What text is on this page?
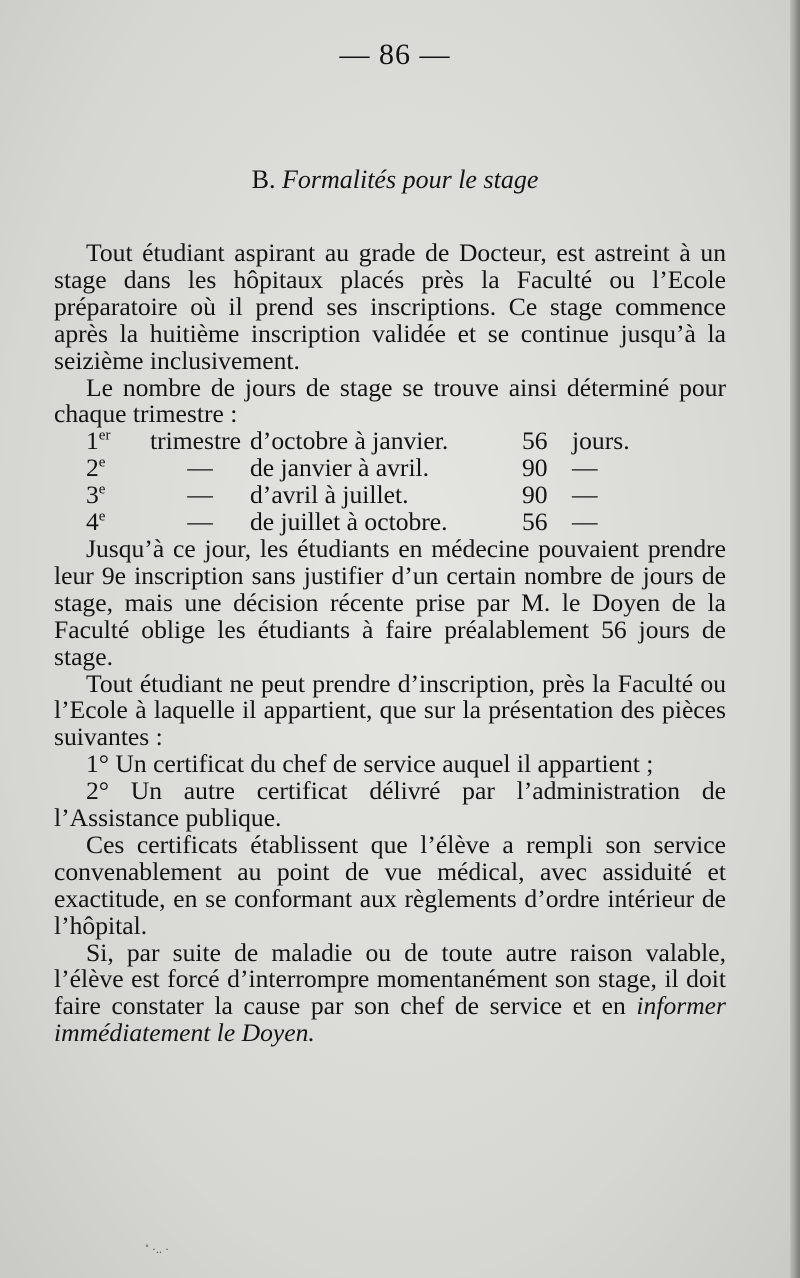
— 86 —
B. Formalités pour le stage

Tout étudiant aspirant au grade de Docteur, est astreint à un stage dans les hôpitaux placés près la Faculté ou l’Ecole préparatoire où il prend ses inscriptions. Ce stage commence après la huitième inscription validée et se continue jusqu’à la seizième inclusivement.

Le nombre de jours de stage se trouve ainsi déterminé pour chaque trimestre :

1er	trimestre	d’octobre à janvier.	56	jours.
2e	—	de janvier à avril.	90	—
3e	—	d’avril à juillet.	90	—
4e	—	de juillet à octobre.	56	—

Jusqu’à ce jour, les étudiants en médecine pouvaient prendre leur 9e inscription sans justifier d’un certain nombre de jours de stage, mais une décision récente prise par M. le Doyen de la Faculté oblige les étudiants à faire préalablement 56 jours de stage.

Tout étudiant ne peut prendre d’inscription, près la Faculté ou l’Ecole à laquelle il appartient, que sur la présentation des pièces suivantes :

1° Un certificat du chef de service auquel il appartient ;

2° Un autre certificat délivré par l’administration de l’Assistance publique.

Ces certificats établissent que l’élève a rempli son service convenablement au point de vue médical, avec assiduité et exactitude, en se conformant aux règlements d’ordre intérieur de l’hôpital.

Si, par suite de maladie ou de toute autre raison valable, l’élève est forcé d’interrompre momentanément son stage, il doit faire constater la cause par son chef de service et en informer immédiatement le Doyen.

˚ ·.. ·
